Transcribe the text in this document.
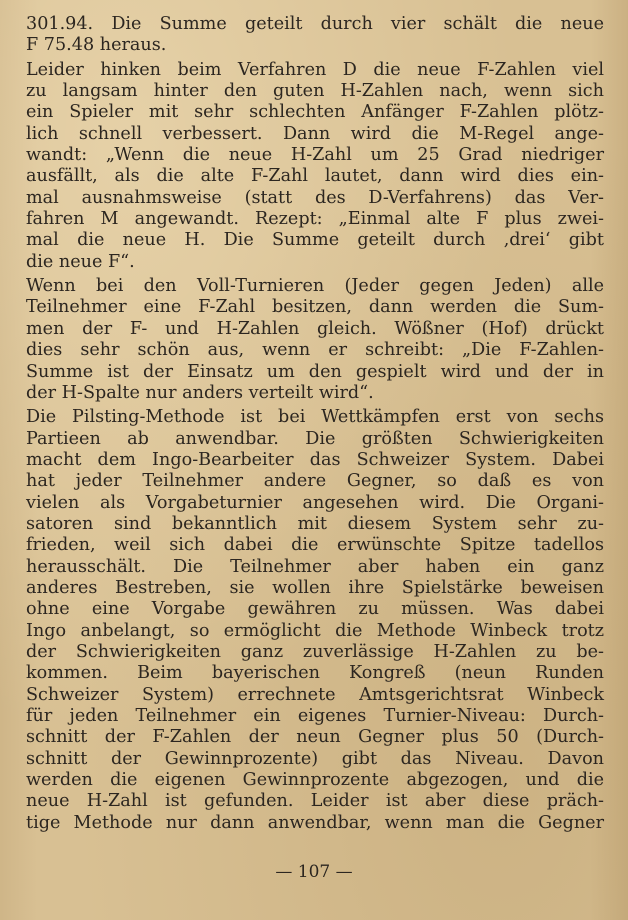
301.94. Die Summe geteilt durch vier schält die neue
F 75.48 heraus.
Leider hinken beim Verfahren D die neue F-Zahlen viel
zu langsam hinter den guten H-Zahlen nach, wenn sich
ein Spieler mit sehr schlechten Anfänger F-Zahlen plötz-
lich schnell verbessert. Dann wird die M-Regel ange-
wandt: „Wenn die neue H-Zahl um 25 Grad niedriger
ausfällt, als die alte F-Zahl lautet, dann wird dies ein-
mal ausnahmsweise (statt des D-Verfahrens) das Ver-
fahren M angewandt. Rezept: „Einmal alte F plus zwei-
mal die neue H. Die Summe geteilt durch ‚drei‘ gibt
die neue F“.
Wenn bei den Voll-Turnieren (Jeder gegen Jeden) alle
Teilnehmer eine F-Zahl besitzen, dann werden die Sum-
men der F- und H-Zahlen gleich. Wößner (Hof) drückt
dies sehr schön aus, wenn er schreibt: „Die F-Zahlen-
Summe ist der Einsatz um den gespielt wird und der in
der H-Spalte nur anders verteilt wird“.
Die Pilsting-Methode ist bei Wettkämpfen erst von sechs
Partieen ab anwendbar. Die größten Schwierigkeiten
macht dem Ingo-Bearbeiter das Schweizer System. Dabei
hat jeder Teilnehmer andere Gegner, so daß es von
vielen als Vorgabeturnier angesehen wird. Die Organi-
satoren sind bekanntlich mit diesem System sehr zu-
frieden, weil sich dabei die erwünschte Spitze tadellos
herausschält. Die Teilnehmer aber haben ein ganz
anderes Bestreben, sie wollen ihre Spielstärke beweisen
ohne eine Vorgabe gewähren zu müssen. Was dabei
Ingo anbelangt, so ermöglicht die Methode Winbeck trotz
der Schwierigkeiten ganz zuverlässige H-Zahlen zu be-
kommen. Beim bayerischen Kongreß (neun Runden
Schweizer System) errechnete Amtsgerichtsrat Winbeck
für jeden Teilnehmer ein eigenes Turnier-Niveau: Durch-
schnitt der F-Zahlen der neun Gegner plus 50 (Durch-
schnitt der Gewinnprozente) gibt das Niveau. Davon
werden die eigenen Gewinnprozente abgezogen, und die
neue H-Zahl ist gefunden. Leider ist aber diese präch-
tige Methode nur dann anwendbar, wenn man die Gegner
— 107 —
